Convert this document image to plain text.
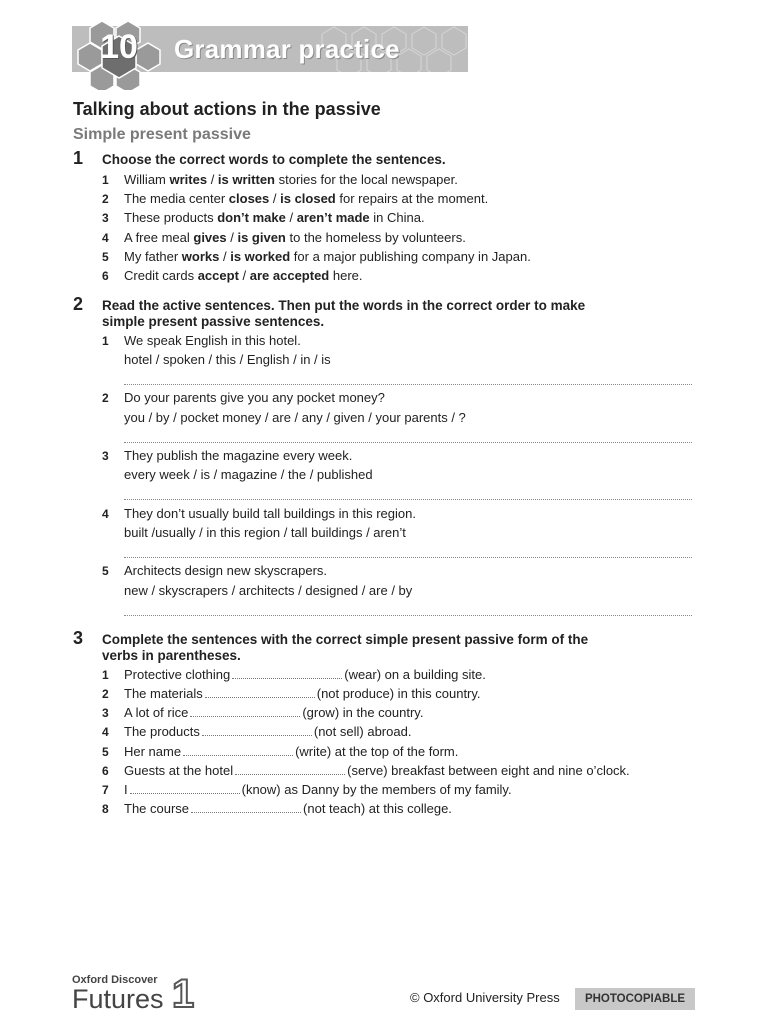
Grammar practice
10
Talking about actions in the passive
Simple present passive
1 Choose the correct words to complete the sentences.
1 William writes / is written stories for the local newspaper.
2 The media center closes / is closed for repairs at the moment.
3 These products don’t make / aren’t made in China.
4 A free meal gives / is given to the homeless by volunteers.
5 My father works / is worked for a major publishing company in Japan.
6 Credit cards accept / are accepted here.
2 Read the active sentences. Then put the words in the correct order to make simple present passive sentences.
1 We speak English in this hotel.
hotel / spoken / this / English / in / is
2 Do your parents give you any pocket money?
you / by / pocket money / are / any / given / your parents / ?
3 They publish the magazine every week.
every week / is / magazine / the / published
4 They don’t usually build tall buildings in this region.
built /usually / in this region / tall buildings / aren’t
5 Architects design new skyscrapers.
new / skyscrapers / architects / designed / are / by
3 Complete the sentences with the correct simple present passive form of the verbs in parentheses.
1 Protective clothing	(wear) on a building site.
2 The materials	(not produce) in this country.
3 A lot of rice	(grow) in the country.
4 The products	(not sell) abroad.
5 Her name	(write) at the top of the form.
6 Guests at the hotel	(serve) breakfast between eight and nine o’clock.
7 I	(know) as Danny by the members of my family.
8 The course	(not teach) at this college.
Oxford Discover
Futures 1	© Oxford University Press	PHOTOCOPIABLE
